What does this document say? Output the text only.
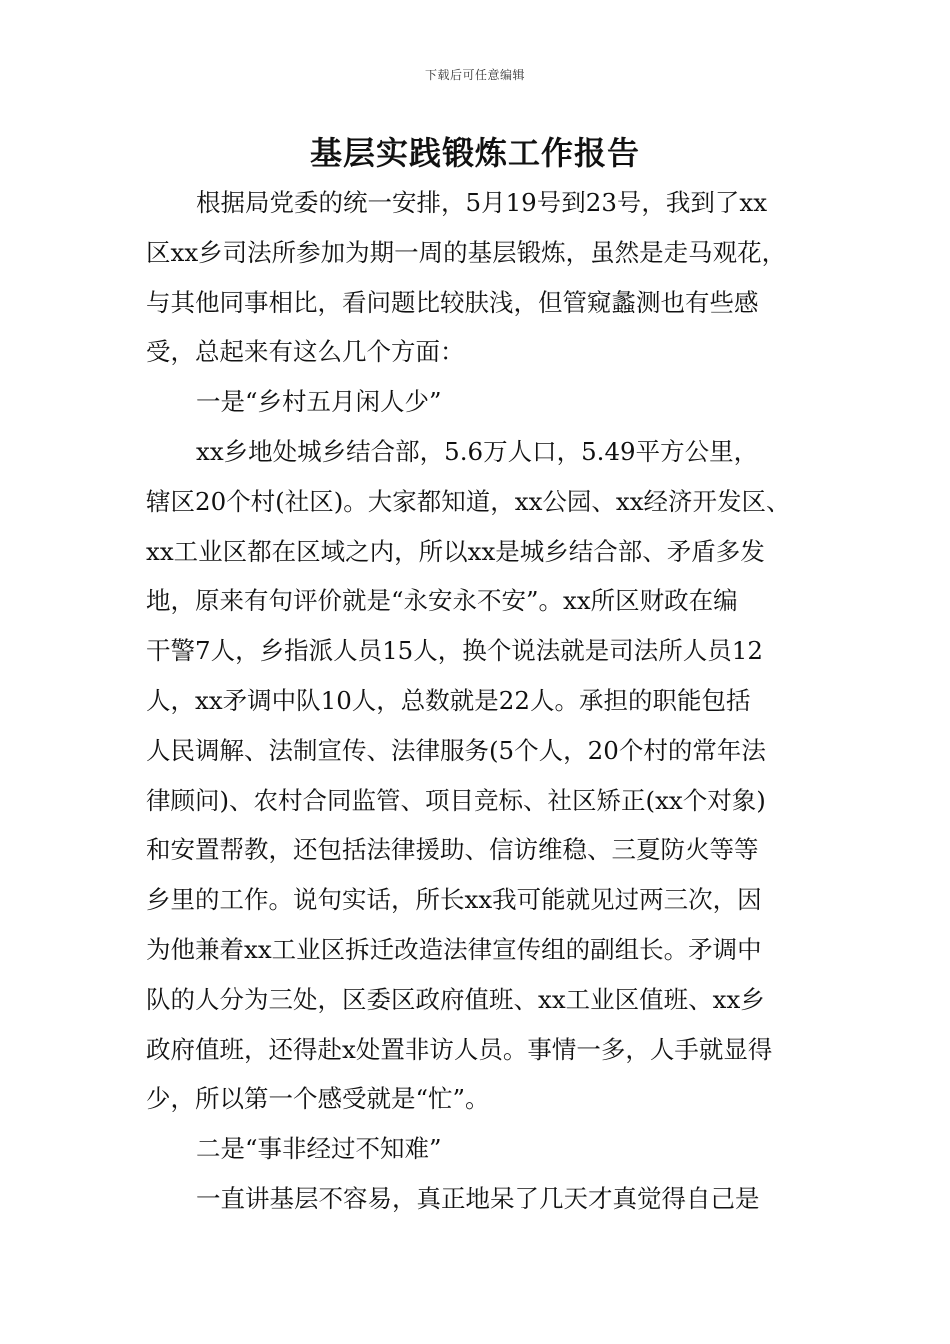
下载后可任意编辑
基层实践锻炼工作报告
根据局党委的统一安排，5月19号到23号，我到了xx
区xx乡司法所参加为期一周的基层锻炼，虽然是走马观花，
与其他同事相比，看问题比较肤浅，但管窥蠡测也有些感
受，总起来有这么几个方面：
一是“乡村五月闲人少”
xx乡地处城乡结合部，5.6万人口，5.49平方公里，
辖区20个村(社区)。大家都知道，xx公园、xx经济开发区、
xx工业区都在区域之内，所以xx是城乡结合部、矛盾多发
地，原来有句评价就是“永安永不安”。xx所区财政在编
干警7人，乡指派人员15人，换个说法就是司法所人员12
人，xx矛调中队10人，总数就是22人。承担的职能包括
人民调解、法制宣传、法律服务(5个人，20个村的常年法
律顾问)、农村合同监管、项目竞标、社区矫正(xx个对象)
和安置帮教，还包括法律援助、信访维稳、三夏防火等等
乡里的工作。说句实话，所长xx我可能就见过两三次，因
为他兼着xx工业区拆迁改造法律宣传组的副组长。矛调中
队的人分为三处，区委区政府值班、xx工业区值班、xx乡
政府值班，还得赴x处置非访人员。事情一多，人手就显得
少，所以第一个感受就是“忙”。
二是“事非经过不知难”
一直讲基层不容易，真正地呆了几天才真觉得自己是
